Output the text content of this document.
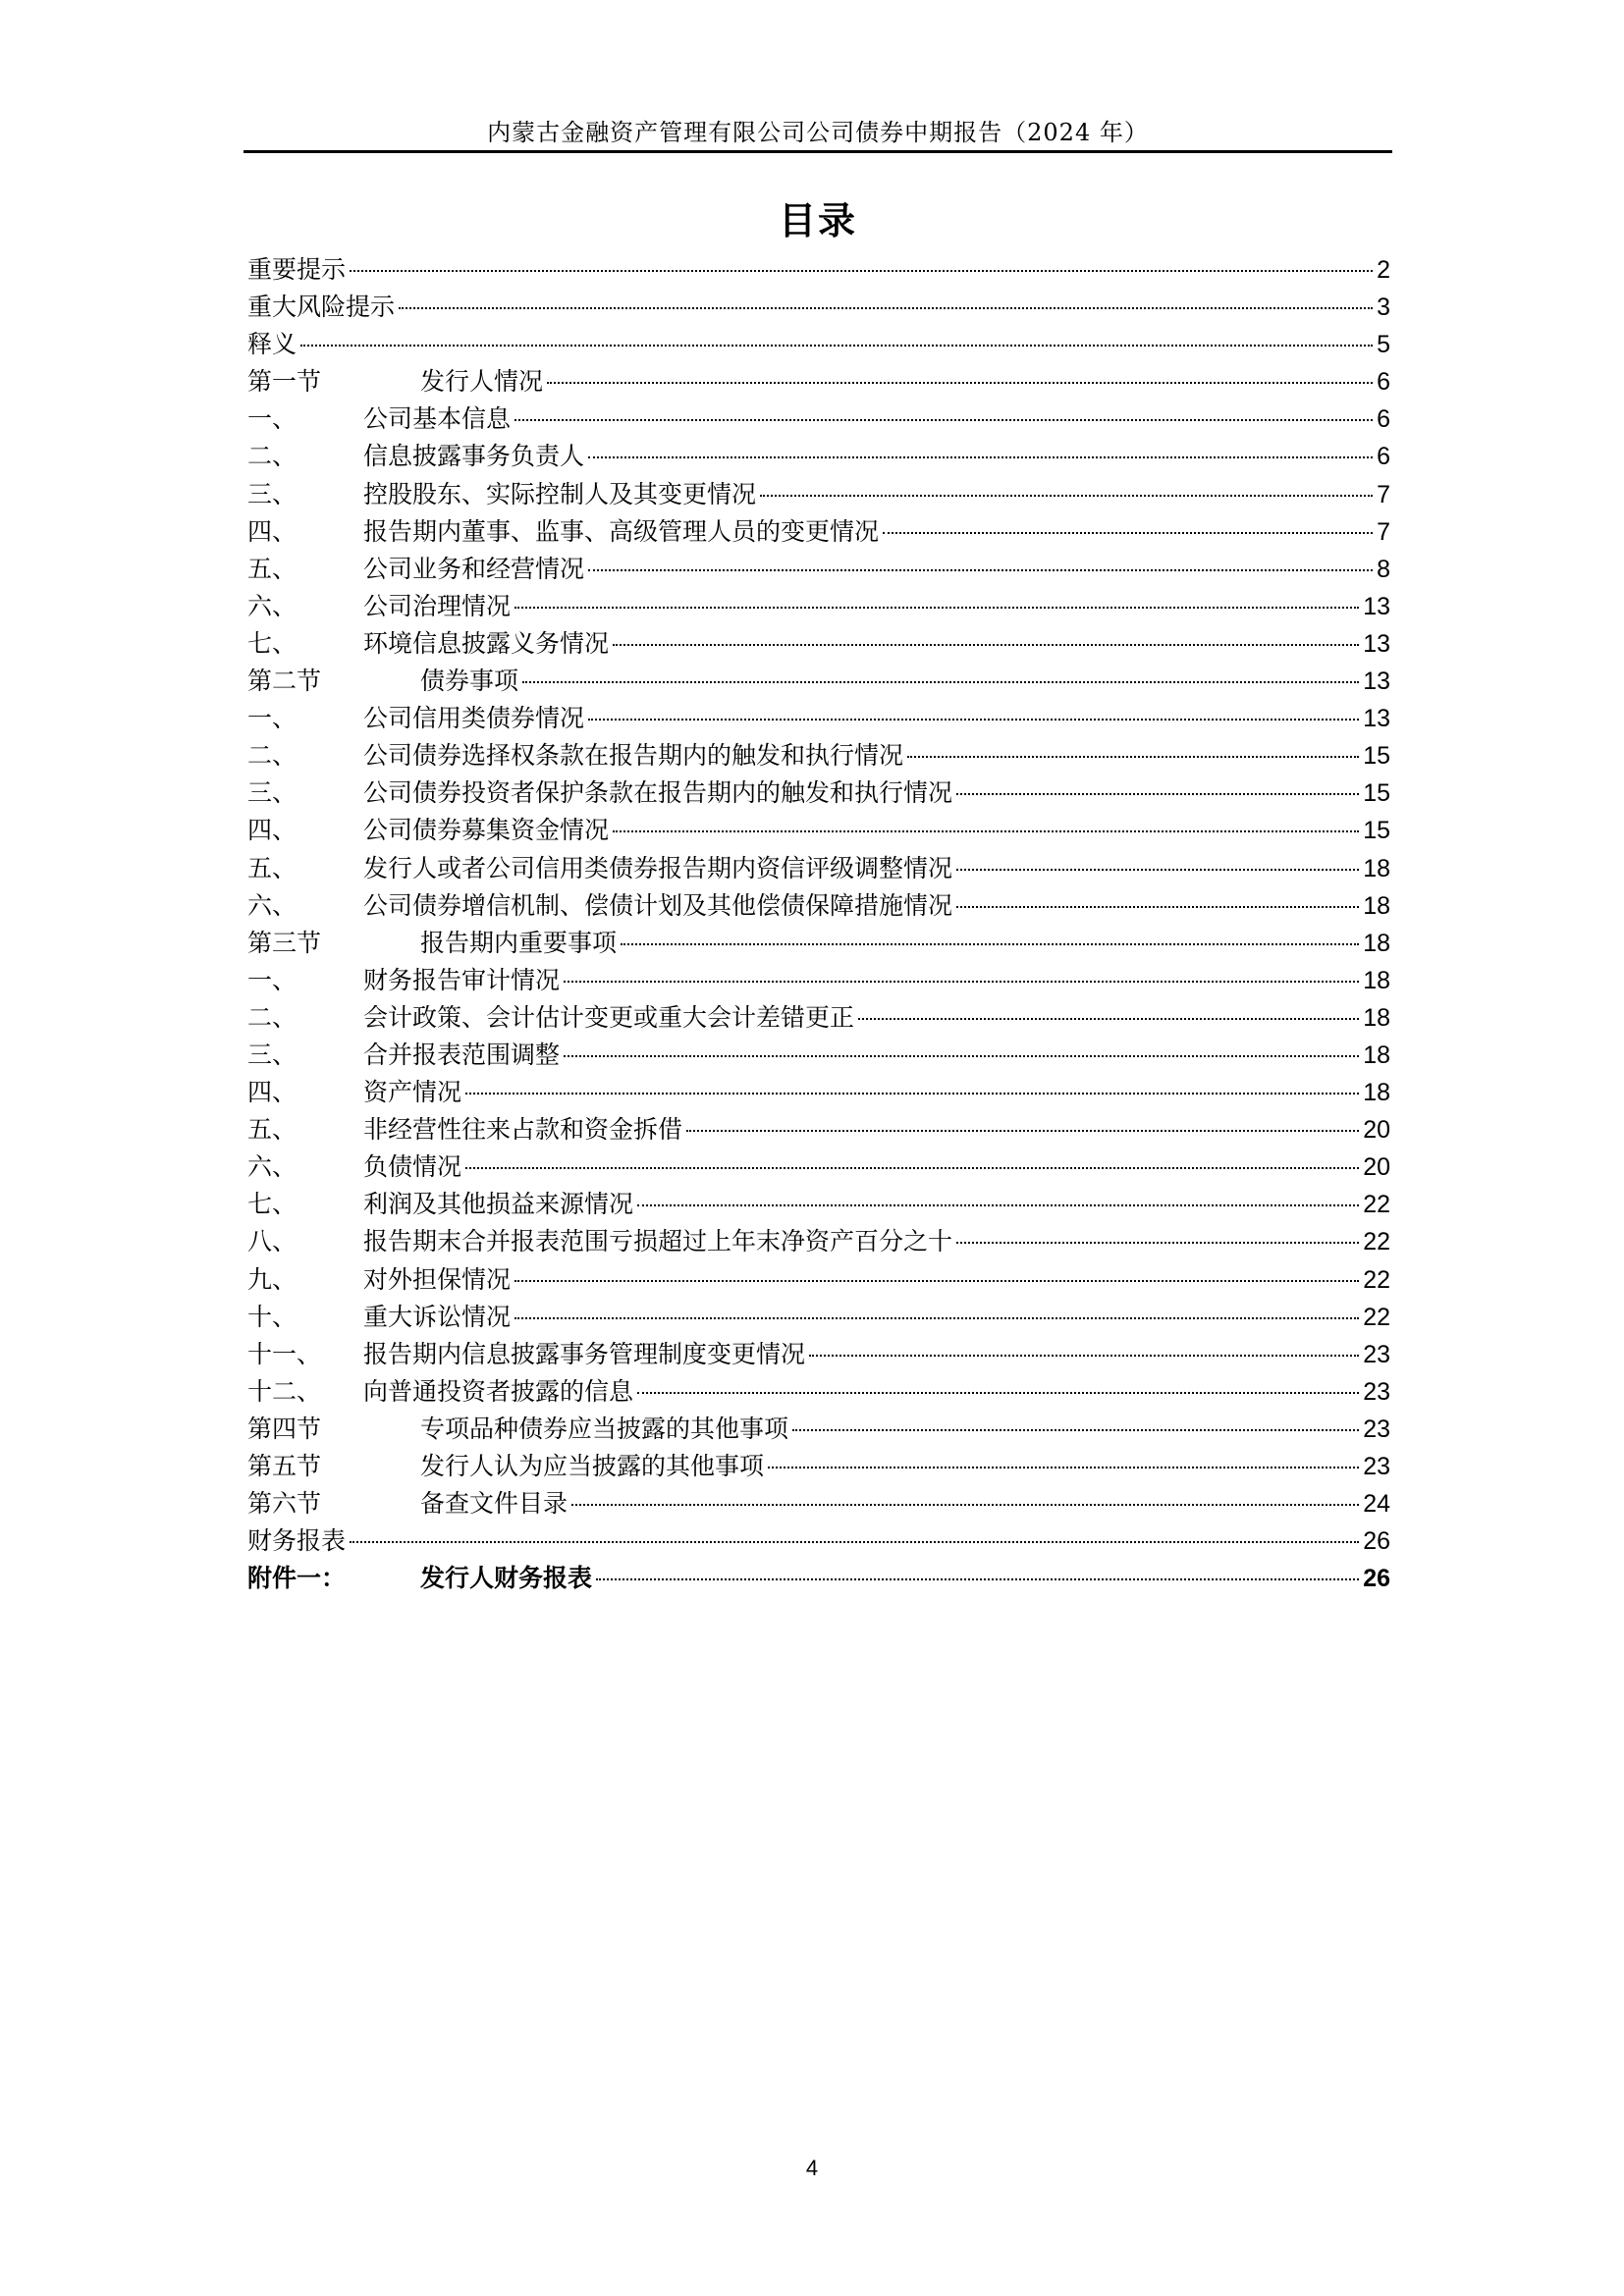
内蒙古金融资产管理有限公司公司债券中期报告（2024 年）
目录
重要提示	2
重大风险提示	3
释义	5
第一节	发行人情况	6
一、	公司基本信息	6
二、	信息披露事务负责人	6
三、	控股股东、实际控制人及其变更情况	7
四、	报告期内董事、监事、高级管理人员的变更情况	7
五、	公司业务和经营情况	8
六、	公司治理情况	13
七、	环境信息披露义务情况	13
第二节	债券事项	13
一、	公司信用类债券情况	13
二、	公司债券选择权条款在报告期内的触发和执行情况	15
三、	公司债券投资者保护条款在报告期内的触发和执行情况	15
四、	公司债券募集资金情况	15
五、	发行人或者公司信用类债券报告期内资信评级调整情况	18
六、	公司债券增信机制、偿债计划及其他偿债保障措施情况	18
第三节	报告期内重要事项	18
一、	财务报告审计情况	18
二、	会计政策、会计估计变更或重大会计差错更正	18
三、	合并报表范围调整	18
四、	资产情况	18
五、	非经营性往来占款和资金拆借	20
六、	负债情况	20
七、	利润及其他损益来源情况	22
八、	报告期末合并报表范围亏损超过上年末净资产百分之十	22
九、	对外担保情况	22
十、	重大诉讼情况	22
十一、	报告期内信息披露事务管理制度变更情况	23
十二、	向普通投资者披露的信息	23
第四节	专项品种债券应当披露的其他事项	23
第五节	发行人认为应当披露的其他事项	23
第六节	备查文件目录	24
财务报表	26
附件一：	发行人财务报表	26
4
